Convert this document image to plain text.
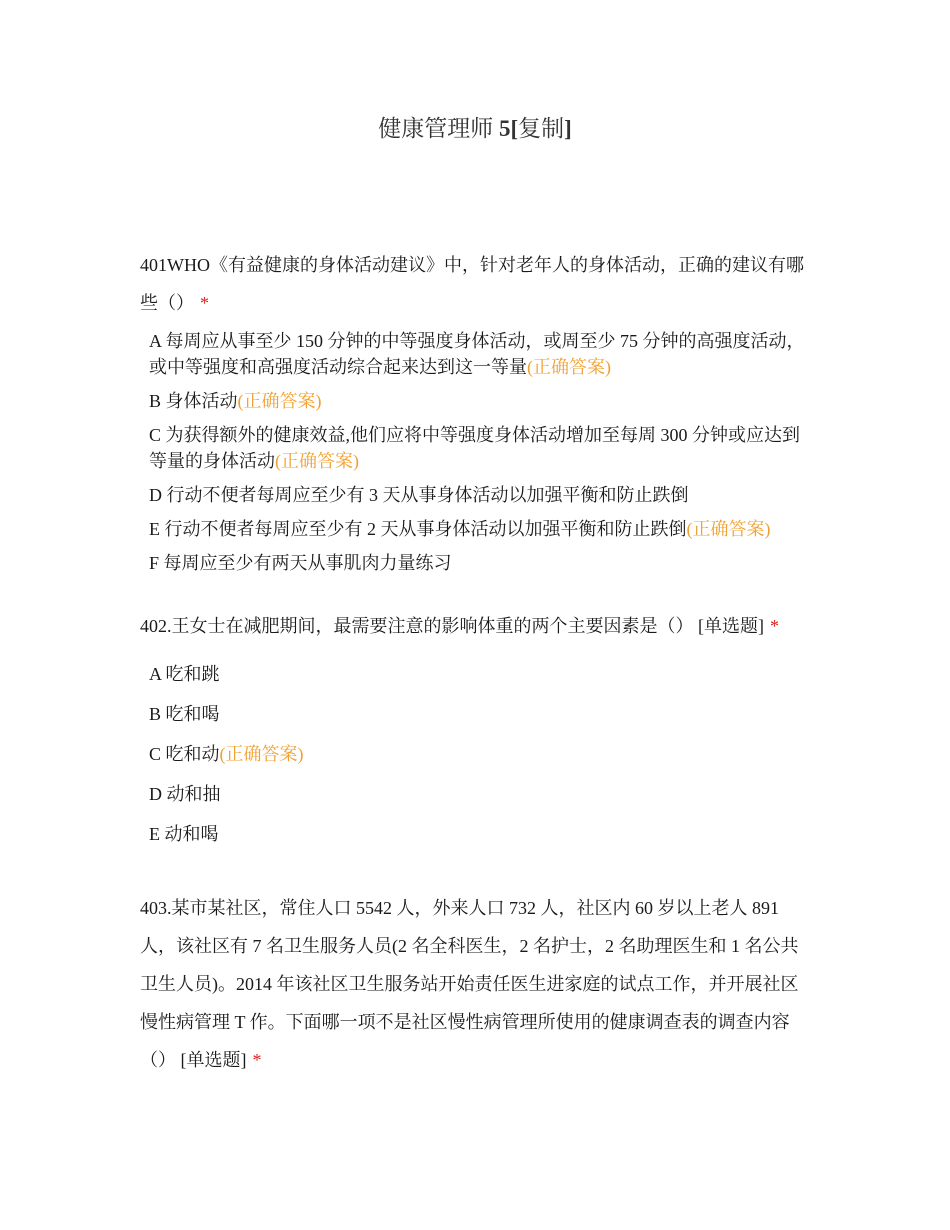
健康管理师 5[复制]

401WHO《有益健康的身体活动建议》中，针对老年人的身体活动，正确的建议有哪些（） *

A 每周应从事至少 150 分钟的中等强度身体活动，或周至少 75 分钟的高强度活动，或中等强度和高强度活动综合起来达到这一等量(正确答案)
B 身体活动(正确答案)
C 为获得额外的健康效益,他们应将中等强度身体活动增加至每周 300 分钟或应达到等量的身体活动(正确答案)
D 行动不便者每周应至少有 3 天从事身体活动以加强平衡和防止跌倒
E 行动不便者每周应至少有 2 天从事身体活动以加强平衡和防止跌倒(正确答案)
F 每周应至少有两天从事肌肉力量练习

402.王女士在减肥期间，最需要注意的影响体重的两个主要因素是（） [单选题] *

A 吃和跳
B 吃和喝
C 吃和动(正确答案)
D 动和抽
E 动和喝

403.某市某社区，常住人口 5542 人，外来人口 732 人，社区内 60 岁以上老人 891 人，该社区有 7 名卫生服务人员(2 名全科医生，2 名护士，2 名助理医生和 1 名公共卫生人员)。2014 年该社区卫生服务站开始责任医生进家庭的试点工作，并开展社区慢性病管理 T 作。下面哪一项不是社区慢性病管理所使用的健康调查表的调查内容（） [单选题] *
